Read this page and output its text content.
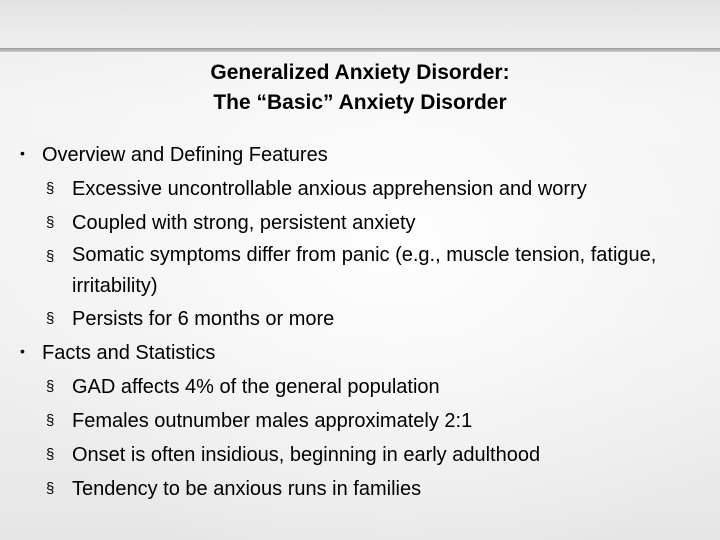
Generalized Anxiety Disorder:
The “Basic” Anxiety Disorder
• Overview and Defining Features
§ Excessive uncontrollable anxious apprehension and worry
§ Coupled with strong, persistent anxiety
§ Somatic symptoms differ from panic (e.g., muscle tension, fatigue, irritability)
§ Persists for 6 months or more
• Facts and Statistics
§ GAD affects 4% of the general population
§ Females outnumber males approximately 2:1
§ Onset is often insidious, beginning in early adulthood
§ Tendency to be anxious runs in families
